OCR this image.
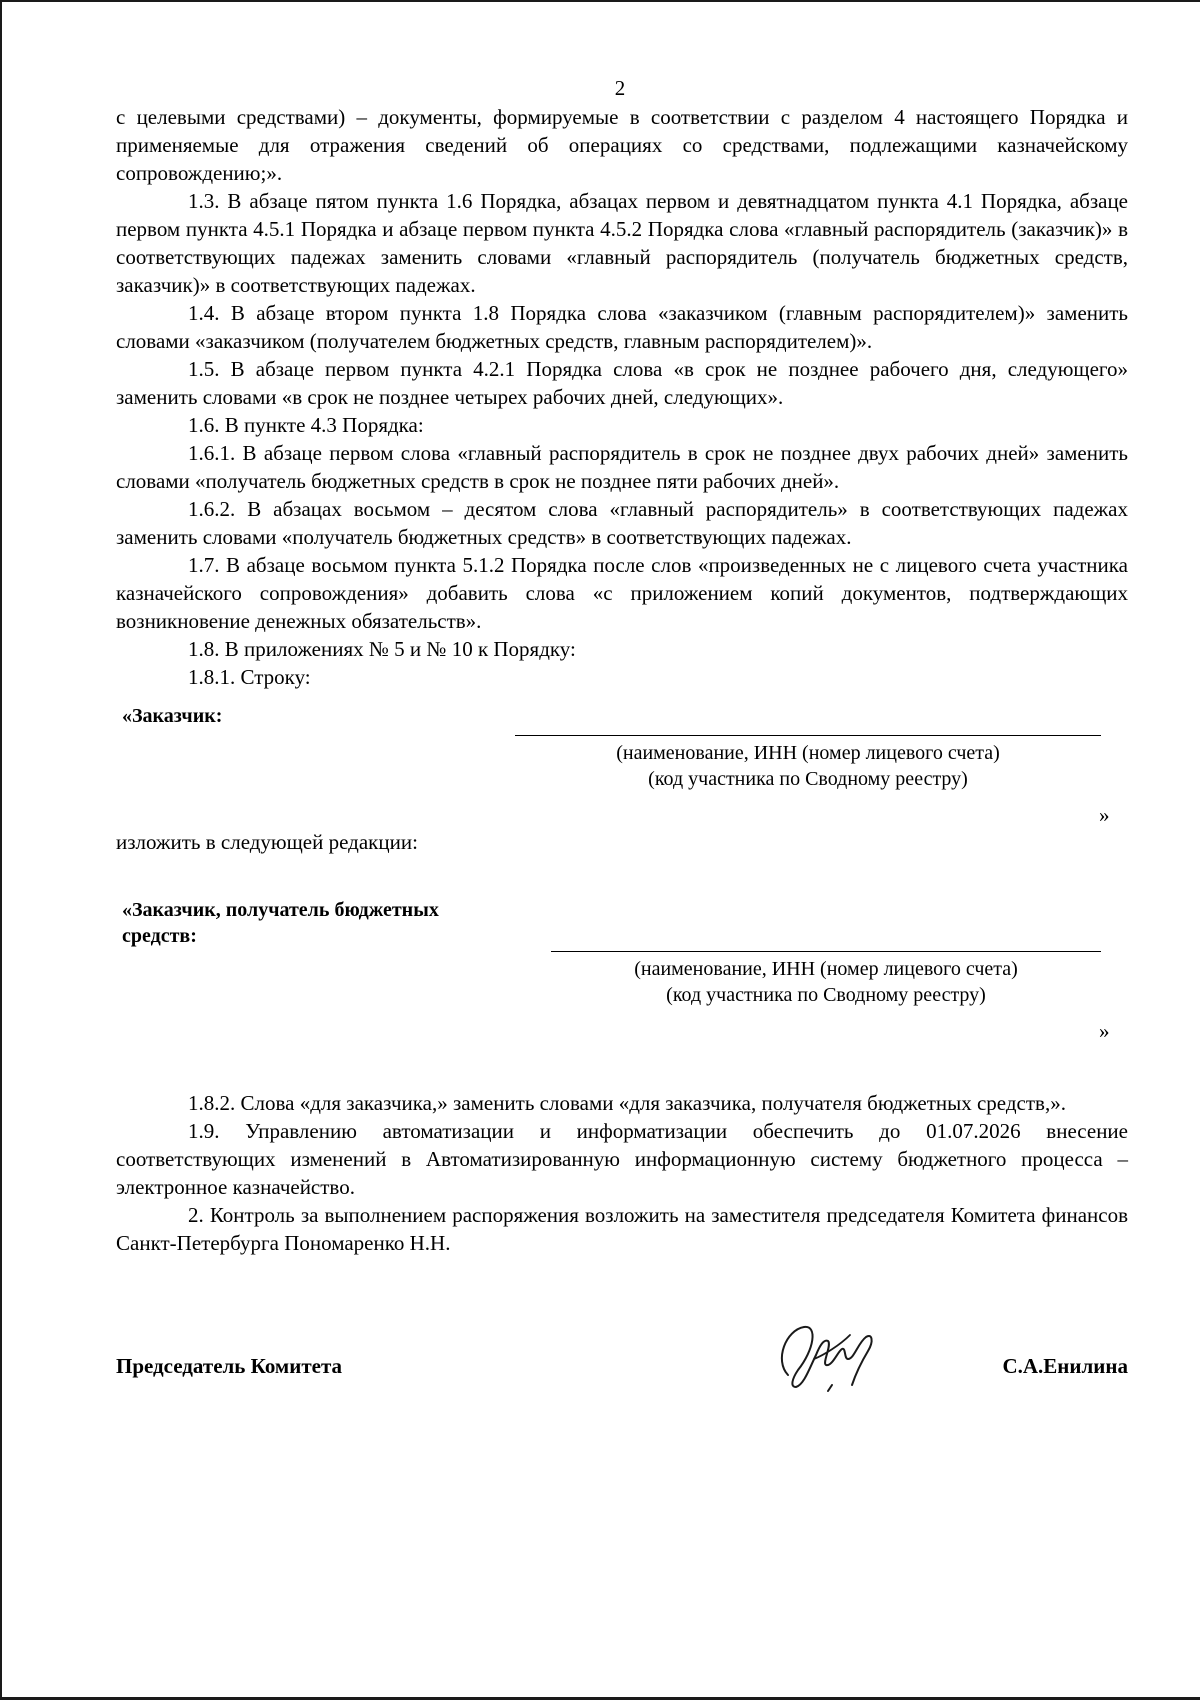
2

с целевыми средствами) – документы, формируемые в соответствии с разделом 4 настоящего Порядка и применяемые для отражения сведений об операциях со средствами, подлежащими казначейскому сопровождению;».

1.3. В абзаце пятом пункта 1.6 Порядка, абзацах первом и девятнадцатом пункта 4.1 Порядка, абзаце первом пункта 4.5.1 Порядка и абзаце первом пункта 4.5.2 Порядка слова «главный распорядитель (заказчик)» в соответствующих падежах заменить словами «главный распорядитель (получатель бюджетных средств, заказчик)» в соответствующих падежах.

1.4. В абзаце втором пункта 1.8 Порядка слова «заказчиком (главным распорядителем)» заменить словами «заказчиком (получателем бюджетных средств, главным распорядителем)».

1.5. В абзаце первом пункта 4.2.1 Порядка слова «в срок не позднее рабочего дня, следующего» заменить словами «в срок не позднее четырех рабочих дней, следующих».

1.6. В пункте 4.3 Порядка:

1.6.1. В абзаце первом слова «главный распорядитель в срок не позднее двух рабочих дней» заменить словами «получатель бюджетных средств в срок не позднее пяти рабочих дней».

1.6.2. В абзацах восьмом – десятом слова «главный распорядитель» в соответствующих падежах заменить словами «получатель бюджетных средств» в соответствующих падежах.

1.7. В абзаце восьмом пункта 5.1.2 Порядка после слов «произведенных не с лицевого счета участника казначейского сопровождения» добавить слова «с приложением копий документов, подтверждающих возникновение денежных обязательств».

1.8. В приложениях № 5 и № 10 к Порядку:

1.8.1. Строку:

«Заказчик:
(наименование, ИНН (номер лицевого счета)
(код участника по Сводному реестру)
»
изложить в следующей редакции:
«Заказчик, получатель бюджетных
средств:
(наименование, ИНН (номер лицевого счета)
(код участника по Сводному реестру)
»

1.8.2. Слова «для заказчика,» заменить словами «для заказчика, получателя бюджетных средств,».

1.9. Управлению автоматизации и информатизации обеспечить до 01.07.2026 внесение соответствующих изменений в Автоматизированную информационную систему бюджетного процесса – электронное казначейство.

2. Контроль за выполнением распоряжения возложить на заместителя председателя Комитета финансов Санкт-Петербурга Пономаренко Н.Н.

Председатель Комитета	С.А.Енилина
